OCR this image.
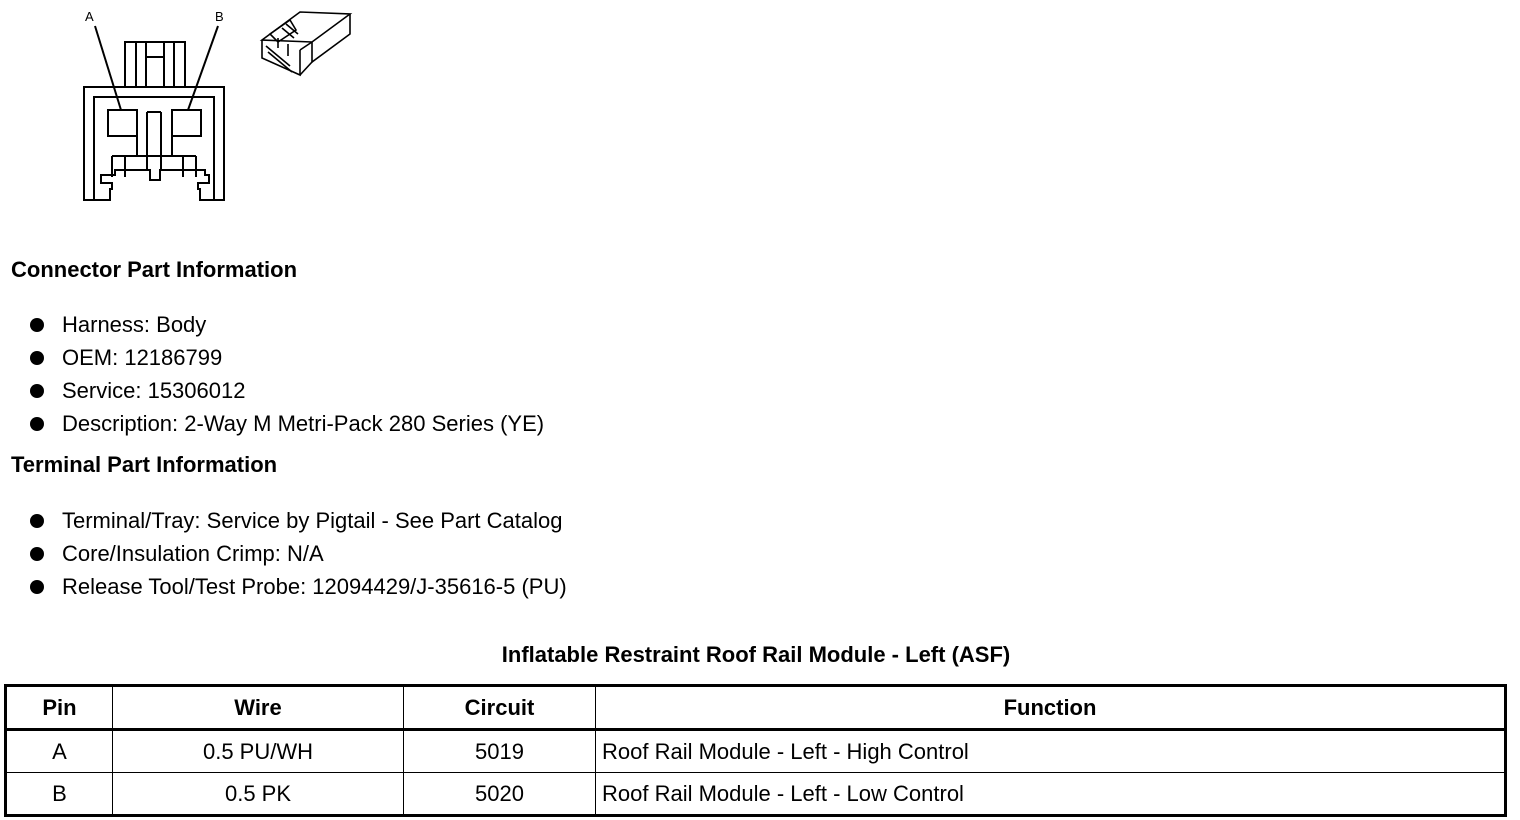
A	B
Connector Part Information
Harness: Body
OEM: 12186799
Service: 15306012
Description: 2-Way M Metri-Pack 280 Series (YE)
Terminal Part Information
Terminal/Tray: Service by Pigtail - See Part Catalog
Core/Insulation Crimp: N/A
Release Tool/Test Probe: 12094429/J-35616-5 (PU)
Inflatable Restraint Roof Rail Module - Left (ASF)
Pin	Wire	Circuit	Function
A	0.5 PU/WH	5019	Roof Rail Module - Left - High Control
B	0.5 PK	5020	Roof Rail Module - Left - Low Control
